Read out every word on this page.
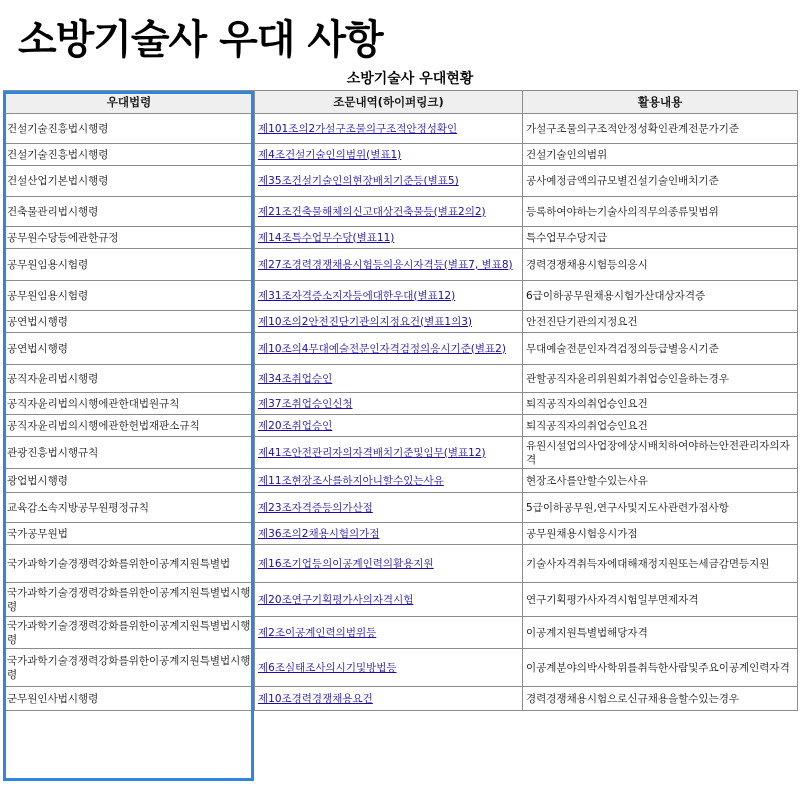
소방기술사 우대 사항
소방기술사 우대현황
우대법령	조문내역(하이퍼링크)	활용내용
건설기술진흥법시행령	제101조의2가설구조물의구조적안정성확인	가설구조물의구조적안정성확인관계전문가기준
건설기술진흥법시행령	제4조건설기술인의범위(별표1)	건설기술인의범위
건설산업기본법시행령	제35조건설기술인의현장배치기준등(별표5)	공사예정금액의규모별건설기술인배치기준
건축물관리법시행령	제21조건축물해체의신고대상건축물등(별표2의2)	등록하여야하는기술사의직무의종류및범위
공무원수당등에관한규정	제14조특수업무수당(별표11)	특수업무수당지급
공무원임용시험령	제27조경력경쟁채용시험등의응시자격등(별표7, 별표8)	경력경쟁채용시험등의응시
공무원임용시험령	제31조자격증소지자등에대한우대(별표12)	6급이하공무원채용시험가산대상자격증
공연법시행령	제10조의2안전진단기관의지정요건(별표1의3)	안전진단기관의지정요건
공연법시행령	제10조의4무대예술전문인자격검정의응시기준(별표2)	무대예술전문인자격검정의등급별응시기준
공직자윤리법시행령	제34조취업승인	관할공직자윤리위원회가취업승인을하는경우
공직자윤리법의시행에관한대법원규칙	제37조취업승인신청	퇴직공직자의취업승인요건
공직자윤리법의시행에관한헌법재판소규칙	제20조취업승인	퇴직공직자의취업승인요건
관광진흥법시행규칙	제41조안전관리자의자격배치기준및임무(별표12)	유원시설업의사업장에상시배치하여야하는안전관리자의자격
광업법시행령	제11조현장조사를하지아니할수있는사유	현장조사를안할수있는사유
교육감소속지방공무원평정규칙	제23조자격증등의가산점	5급이하공무원,연구사및지도사관련가점사항
국가공무원법	제36조의2채용시험의가점	공무원채용시험응시가점
국가과학기술경쟁력강화를위한이공계지원특별법	제16조기업등의이공계인력의활용지원	기술사자격취득자에대해재정지원또는세금감면등지원
국가과학기술경쟁력강화를위한이공계지원특별법시행령	제20조연구기획평가사의자격시험	연구기획평가사자격시험일부면제자격
국가과학기술경쟁력강화를위한이공계지원특별법시행령	제2조이공계인력의범위등	이공계지원특별법해당자격
국가과학기술경쟁력강화를위한이공계지원특별법시행령	제6조실태조사의시기및방법등	이공계분야의박사학위를취득한사람및주요이공계인력자격
군무원인사법시행령	제10조경력경쟁채용요건	경력경쟁채용시험으로신규채용을할수있는경우
